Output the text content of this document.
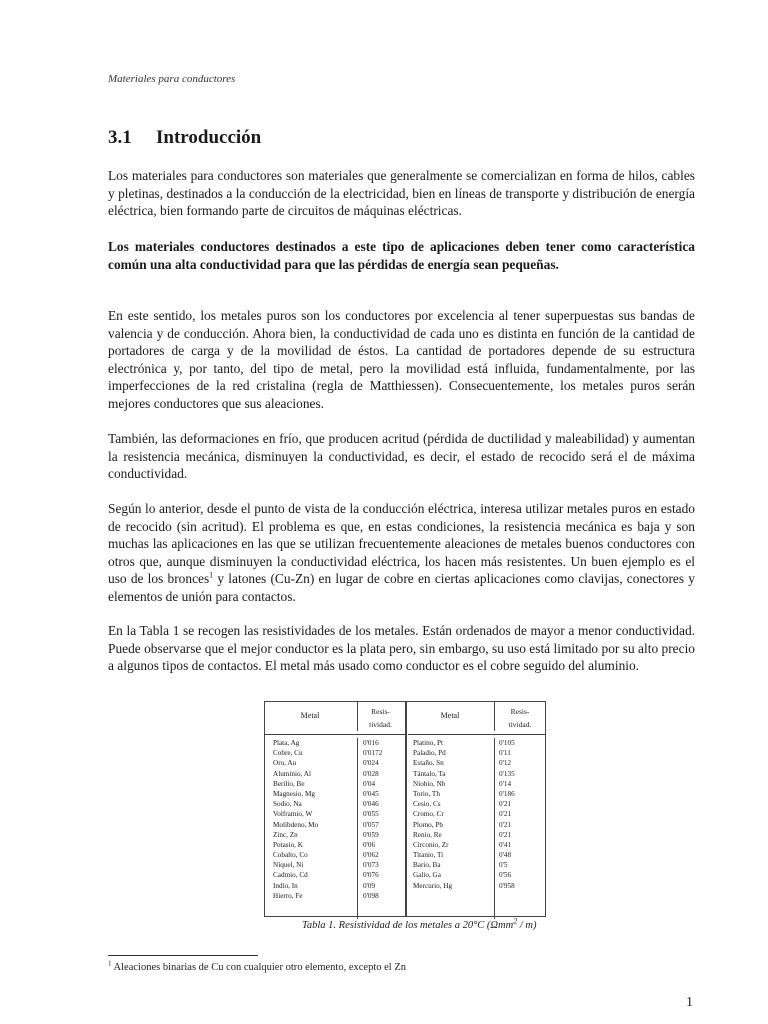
Materiales para conductores
3.1 Introducción

Los materiales para conductores son materiales que generalmente se comercializan en forma de hilos, cables y pletinas, destinados a la conducción de la electricidad, bien en líneas de transporte y distribución de energía eléctrica, bien formando parte de circuitos de máquinas eléctricas.

Los materiales conductores destinados a este tipo de aplicaciones deben tener como característica común una alta conductividad para que las pérdidas de energía sean pequeñas.

En este sentido, los metales puros son los conductores por excelencia al tener superpuestas sus bandas de valencia y de conducción. Ahora bien, la conductividad de cada uno es distinta en función de la cantidad de portadores de carga y de la movilidad de éstos. La cantidad de portadores depende de su estructura electrónica y, por tanto, del tipo de metal, pero la movilidad está influida, fundamentalmente, por las imperfecciones de la red cristalina (regla de Matthiessen). Consecuentemente, los metales puros serán mejores conductores que sus aleaciones.

También, las deformaciones en frío, que producen acritud (pérdida de ductilidad y maleabilidad) y aumentan la resistencia mecánica, disminuyen la conductividad, es decir, el estado de recocido será el de máxima conductividad.

Según lo anterior, desde el punto de vista de la conducción eléctrica, interesa utilizar metales puros en estado de recocido (sin acritud). El problema es que, en estas condiciones, la resistencia mecánica es baja y son muchas las aplicaciones en las que se utilizan frecuentemente aleaciones de metales buenos conductores con otros que, aunque disminuyen la conductividad eléctrica, los hacen más resistentes. Un buen ejemplo es el uso de los bronces$^1$ y latones (Cu-Zn) en lugar de cobre en ciertas aplicaciones como clavijas, conectores y elementos de unión para contactos.

En la Tabla 1 se recogen las resistividades de los metales. Están ordenados de mayor a menor conductividad. Puede observarse que el mejor conductor es la plata pero, sin embargo, su uso está limitado por su alto precio a algunos tipos de contactos. El metal más usado como conductor es el cobre seguido del aluminio.

Metal	Resis-
tividad.
Plata, Ag	0'016
Cobre, Cu	0'0172
Oro, Au	0'024
Aluminio, Al	0'028
Berilio, Be	0'04
Magnesio, Mg	0'045
Sodio, Na	0'046
Volframio, W	0'055
Molibdeno, Mo	0'057
Zinc, Zn	0'059
Potasio, K	0'06
Cobalto, Co	0'062
Níquel, Ni	0'073
Cadmio, Cd	0'076
Indio, In	0'09
Hierro, Fe	0'098
Metal	Resis-
tividad.
Platino, Pt	0'105
Paladio, Pd	0'11
Estaño, Sn	0'12
Tántalo, Ta	0'135
Niobio, Nb	0'14
Torio, Th	0'186
Cesio, Cs	0'21
Cromo, Cr	0'21
Plomo, Pb	0'21
Renio, Re	0'21
Circonio, Zr	0'41
Titanio, Ti	0'48
Bario, Ba	0'5
Galio, Ga	0'56
Mercurio, Hg	0'958
Tabla 1. Resistividad de los metales a 20°C (Ωmm$^2$ / m)
$^1$ Aleaciones binarias de Cu con cualquier otro elemento, excepto el Zn
1
